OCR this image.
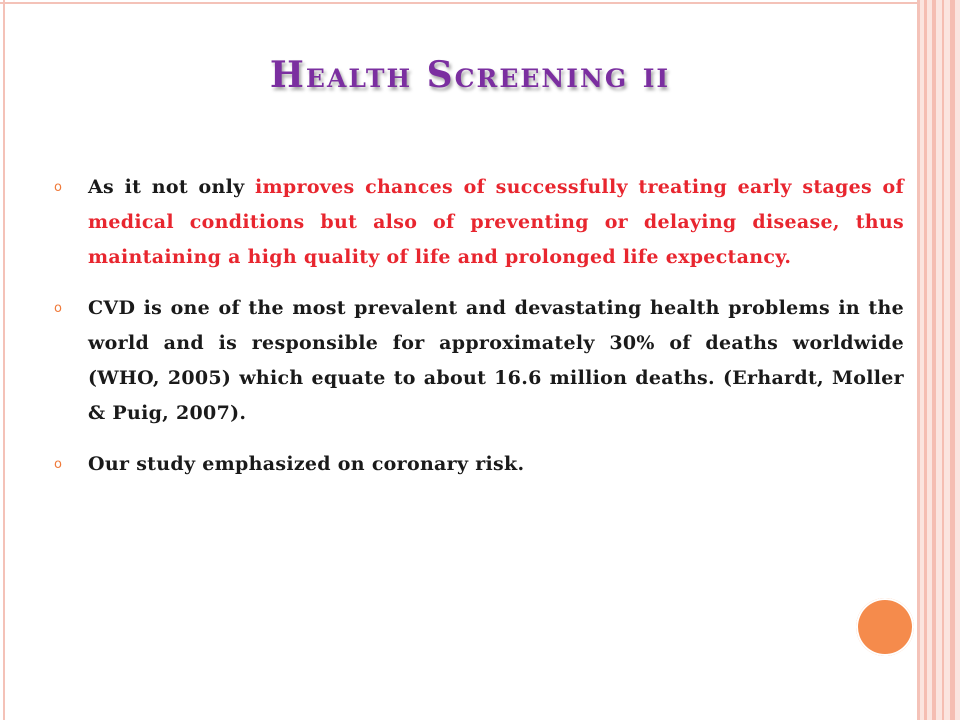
Health Screening ii
o	As it not only improves chances of successfully treating early stages of medical conditions but also of preventing or delaying disease, thus maintaining a high quality of life and prolonged life expectancy.
o	CVD is one of the most prevalent and devastating health problems in the world and is responsible for approximately 30% of deaths worldwide (WHO, 2005) which equate to about 16.6 million deaths. (Erhardt, Moller & Puig, 2007).
o	Our study emphasized on coronary risk.
